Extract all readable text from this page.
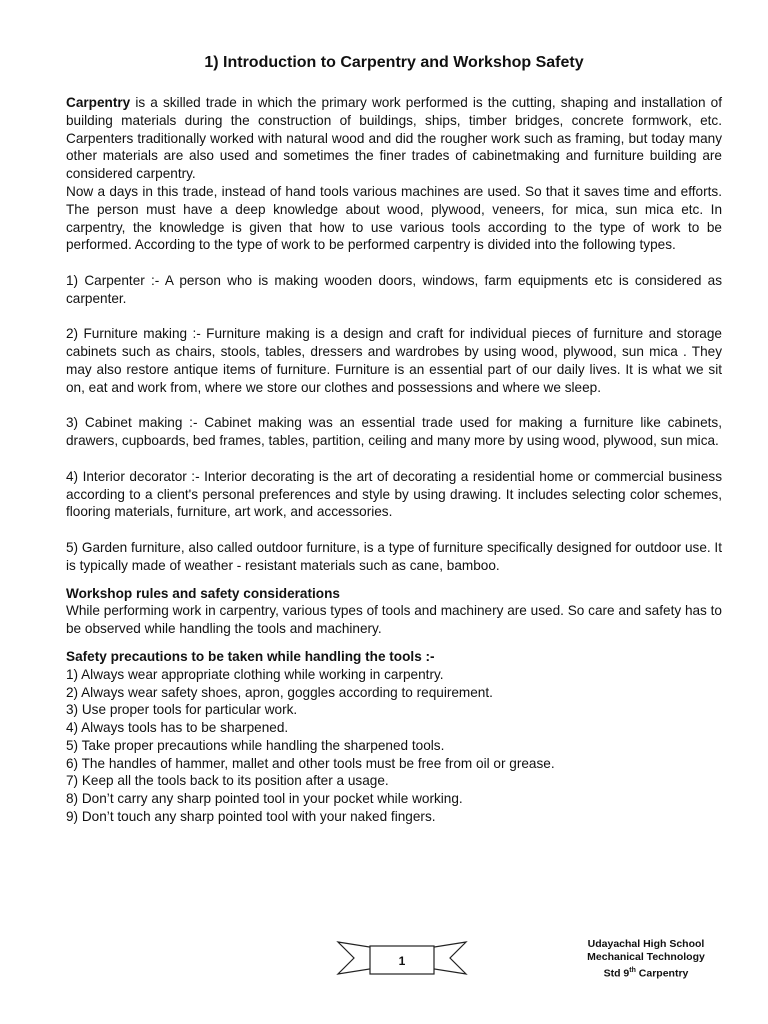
1) Introduction to Carpentry and Workshop Safety

Carpentry is a skilled trade in which the primary work performed is the cutting, shaping and installation of building materials during the construction of buildings, ships, timber bridges, concrete formwork, etc. Carpenters traditionally worked with natural wood and did the rougher work such as framing, but today many other materials are also used and sometimes the finer trades of cabinetmaking and furniture building are considered carpentry.

Now a days in this trade, instead of hand tools various machines are used. So that it saves time and efforts. The person must have a deep knowledge about wood, plywood, veneers, for mica, sun mica etc. In carpentry, the knowledge is given that how to use various tools according to the type of work to be performed. According to the type of work to be performed carpentry is divided into the following types.

1) Carpenter :- A person who is making wooden doors, windows, farm equipments etc is considered as carpenter.

2) Furniture making :- Furniture making is a design and craft for individual pieces of furniture and storage cabinets such as chairs, stools, tables, dressers and wardrobes by using wood, plywood, sun mica . They may also restore antique items of furniture. Furniture is an essential part of our daily lives. It is what we sit on, eat and work from, where we store our clothes and possessions and where we sleep.

3) Cabinet making :- Cabinet making was an essential trade used for making a furniture like cabinets, drawers, cupboards, bed frames, tables, partition, ceiling and many more by using wood, plywood, sun mica.

4) Interior decorator :- Interior decorating is the art of decorating a residential home or commercial business according to a client's personal preferences and style by using drawing. It includes selecting color schemes, flooring materials, furniture, art work, and accessories.

5) Garden furniture, also called outdoor furniture, is a type of furniture specifically designed for outdoor use. It is typically made of weather - resistant materials such as cane, bamboo.

Workshop rules and safety considerations

While performing work in carpentry, various types of tools and machinery are used. So care and safety has to be observed while handling the tools and machinery.

Safety precautions to be taken while handling the tools :-

1) Always wear appropriate clothing while working in carpentry.

2) Always wear safety shoes, apron, goggles according to requirement.

3) Use proper tools for particular work.

4) Always tools has to be sharpened.

5) Take proper precautions while handling the sharpened tools.

6) The handles of hammer, mallet and other tools must be free from oil or grease.

7) Keep all the tools back to its position after a usage.

8) Don’t carry any sharp pointed tool in your pocket while working.

9) Don’t touch any sharp pointed tool with your naked fingers.

1
Udayachal High School
Mechanical Technology
Std 9th Carpentry
